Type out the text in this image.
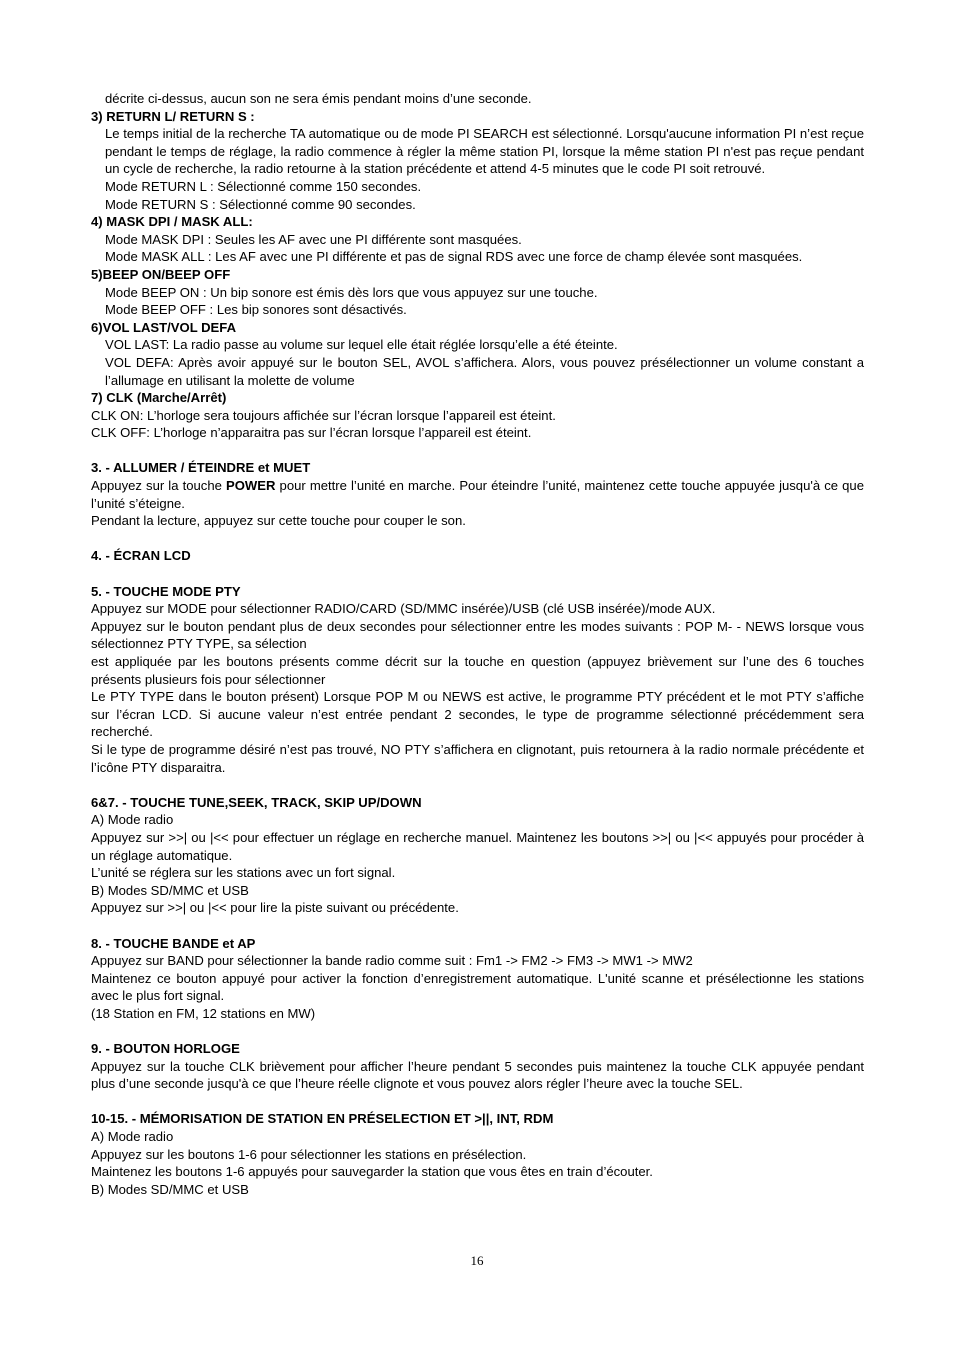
décrite ci-dessus, aucun son ne sera émis pendant moins d’une seconde.

3) RETURN L/ RETURN S :

Le temps initial de la recherche TA automatique ou de mode PI SEARCH est sélectionné. Lorsqu'aucune information PI n’est reçue pendant le temps de réglage, la radio commence à régler la même station PI, lorsque la même station PI n'est pas reçue pendant un cycle de recherche, la radio retourne à la station précédente et attend 4-5 minutes que le code PI soit retrouvé.

Mode RETURN L : Sélectionné comme 150 secondes.

Mode RETURN S : Sélectionné comme 90 secondes.

4) MASK DPI / MASK ALL:

Mode MASK DPI : Seules les AF avec une PI différente sont masquées.

Mode MASK ALL : Les AF avec une PI différente et pas de signal RDS avec une force de champ élevée sont masquées.

5)BEEP ON/BEEP OFF

Mode BEEP ON : Un bip sonore est émis dès lors que vous appuyez sur une touche.

Mode BEEP OFF : Les bip sonores sont désactivés.

6)VOL LAST/VOL DEFA

VOL LAST: La radio passe au volume sur lequel elle était réglée lorsqu’elle a été éteinte.

VOL DEFA: Après avoir appuyé sur le bouton SEL, AVOL s’affichera. Alors, vous pouvez présélectionner un volume constant a l’allumage en utilisant la molette de volume

7) CLK (Marche/Arrêt)

CLK ON: L’horloge sera toujours affichée sur l’écran lorsque l’appareil est éteint.

CLK OFF: L’horloge n’apparaitra pas sur l’écran lorsque l’appareil est éteint.

3. - ALLUMER / ÉTEINDRE et MUET

Appuyez sur la touche POWER pour mettre l’unité en marche. Pour éteindre l’unité, maintenez cette touche appuyée jusqu'à ce que l’unité s’éteigne.

Pendant la lecture, appuyez sur cette touche pour couper le son.

4. - ÉCRAN LCD

5. - TOUCHE MODE PTY

Appuyez sur MODE pour sélectionner RADIO/CARD (SD/MMC insérée)/USB (clé USB insérée)/mode AUX.

Appuyez sur le bouton pendant plus de deux secondes pour sélectionner entre les modes suivants : POP M- - NEWS lorsque vous sélectionnez PTY TYPE, sa sélection

est appliquée par les boutons présents comme décrit sur la touche en question (appuyez brièvement sur l’une des 6 touches présents plusieurs fois pour sélectionner

Le PTY TYPE dans le bouton présent) Lorsque POP M ou NEWS est active, le programme PTY précédent et le mot PTY s’affiche sur l’écran LCD. Si aucune valeur n’est entrée pendant 2 secondes, le type de programme sélectionné précédemment sera recherché.

Si le type de programme désiré n’est pas trouvé, NO PTY s’affichera en clignotant, puis retournera à la radio normale précédente et l’icône PTY disparaitra.

6&7. - TOUCHE TUNE,SEEK, TRACK, SKIP UP/DOWN

A) Mode radio

Appuyez sur >>| ou |<< pour effectuer un réglage en recherche manuel. Maintenez les boutons >>| ou |<< appuyés pour procéder à un réglage automatique.

L’unité se réglera sur les stations avec un fort signal.

B) Modes SD/MMC et USB

Appuyez sur >>| ou |<< pour lire la piste suivant ou précédente.

8. - TOUCHE BANDE et AP

Appuyez sur BAND pour sélectionner la bande radio comme suit : Fm1 -> FM2 -> FM3 -> MW1 -> MW2

Maintenez ce bouton appuyé pour activer la fonction d’enregistrement automatique. L'unité scanne et présélectionne les stations avec le plus fort signal.

(18 Station en FM, 12 stations en MW)

9. - BOUTON HORLOGE

Appuyez sur la touche CLK brièvement pour afficher l’heure pendant 5 secondes puis maintenez la touche CLK appuyée pendant plus d’une seconde jusqu'à ce que l’heure réelle clignote et vous pouvez alors régler l’heure avec la touche SEL.

10-15. - MÉMORISATION DE STATION EN PRÉSELECTION ET >||, INT, RDM

A) Mode radio

Appuyez sur les boutons 1-6 pour sélectionner les stations en présélection.

Maintenez les boutons 1-6 appuyés pour sauvegarder la station que vous êtes en train d’écouter.

B) Modes SD/MMC et USB

16
